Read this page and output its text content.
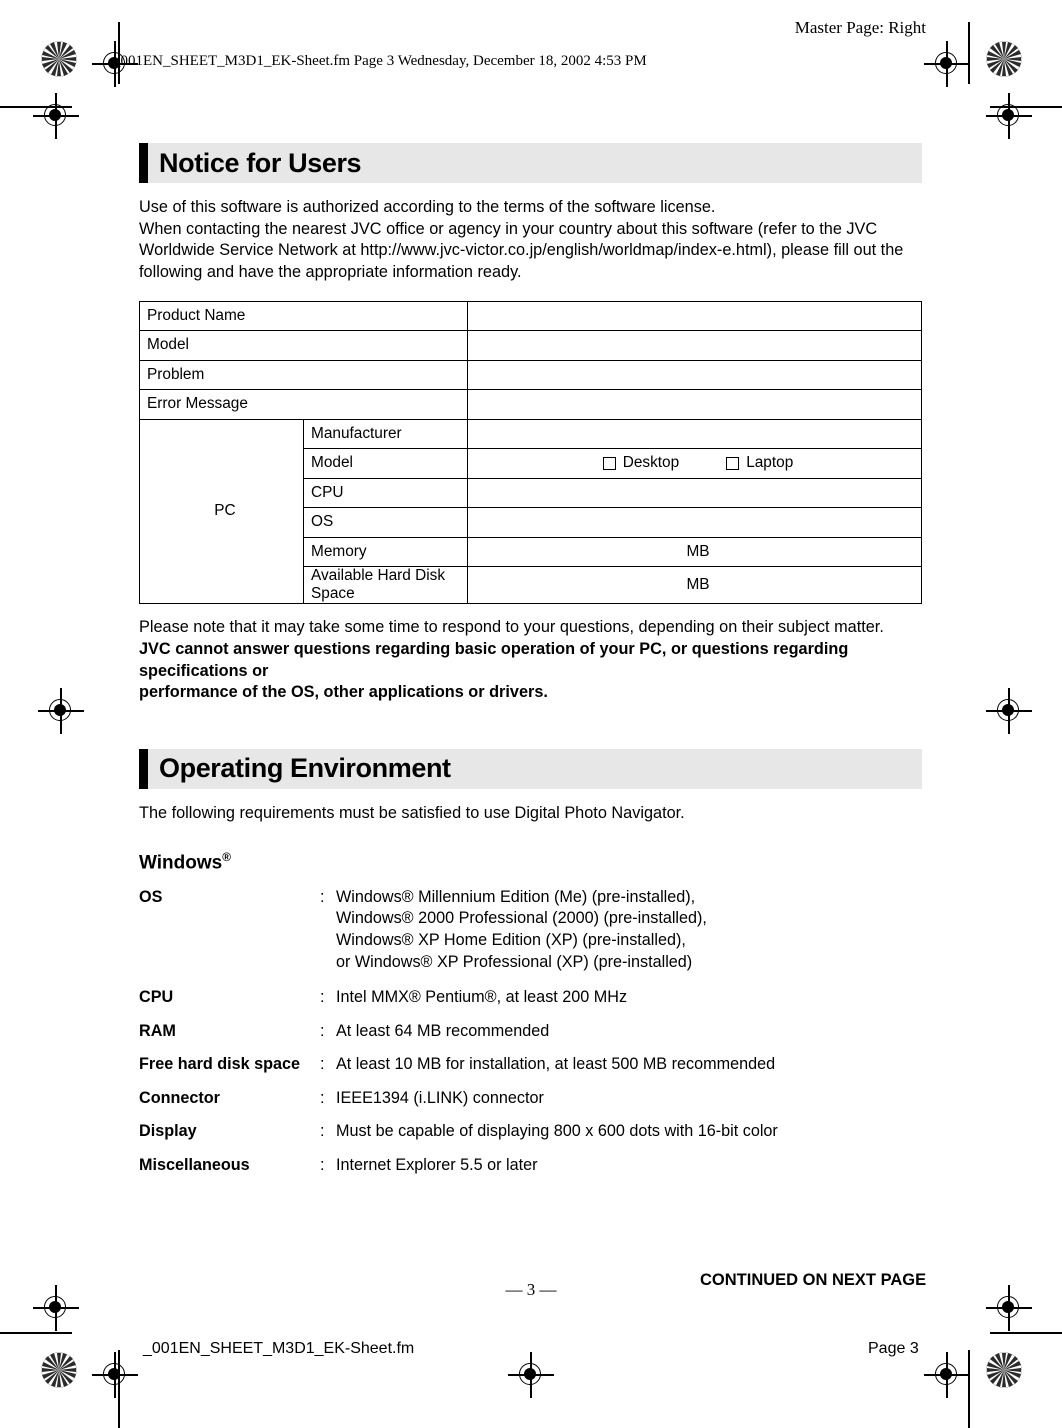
Master Page: Right
_001EN_SHEET_M3D1_EK-Sheet.fm Page 3 Wednesday, December 18, 2002 4:53 PM
Notice for Users

Use of this software is authorized according to the terms of the software license.
When contacting the nearest JVC office or agency in your country about this software (refer to the JVC
Worldwide Service Network at http://www.jvc-victor.co.jp/english/worldmap/index-e.html), please fill out the
following and have the appropriate information ready.

Product Name		
Model		
Problem		
Error Message		
PC	Manufacturer	
	Model	Desktop Laptop

	CPU	
	OS	
	Memory	MB
	Available Hard Disk Space	MB

Please note that it may take some time to respond to your questions, depending on their subject matter.

JVC cannot answer questions regarding basic operation of your PC, or questions regarding specifications or
performance of the OS, other applications or drivers.

Operating Environment

The following requirements must be satisfied to use Digital Photo Navigator.

Windows®
OS	: Windows® Millennium Edition (Me) (pre-installed),
Windows® 2000 Professional (2000) (pre-installed),
Windows® XP Home Edition (XP) (pre-installed),
or Windows® XP Professional (XP) (pre-installed)
CPU	: Intel MMX® Pentium®, at least 200 MHz
RAM	: At least 64 MB recommended
Free hard disk space	: At least 10 MB for installation, at least 500 MB recommended
Connector	: IEEE1394 (i.LINK) connector
Display	: Must be capable of displaying 800 x 600 dots with 16-bit color
Miscellaneous	: Internet Explorer 5.5 or later
— 3 —	CONTINUED ON NEXT PAGE
_001EN_SHEET_M3D1_EK-Sheet.fm	Page 3
